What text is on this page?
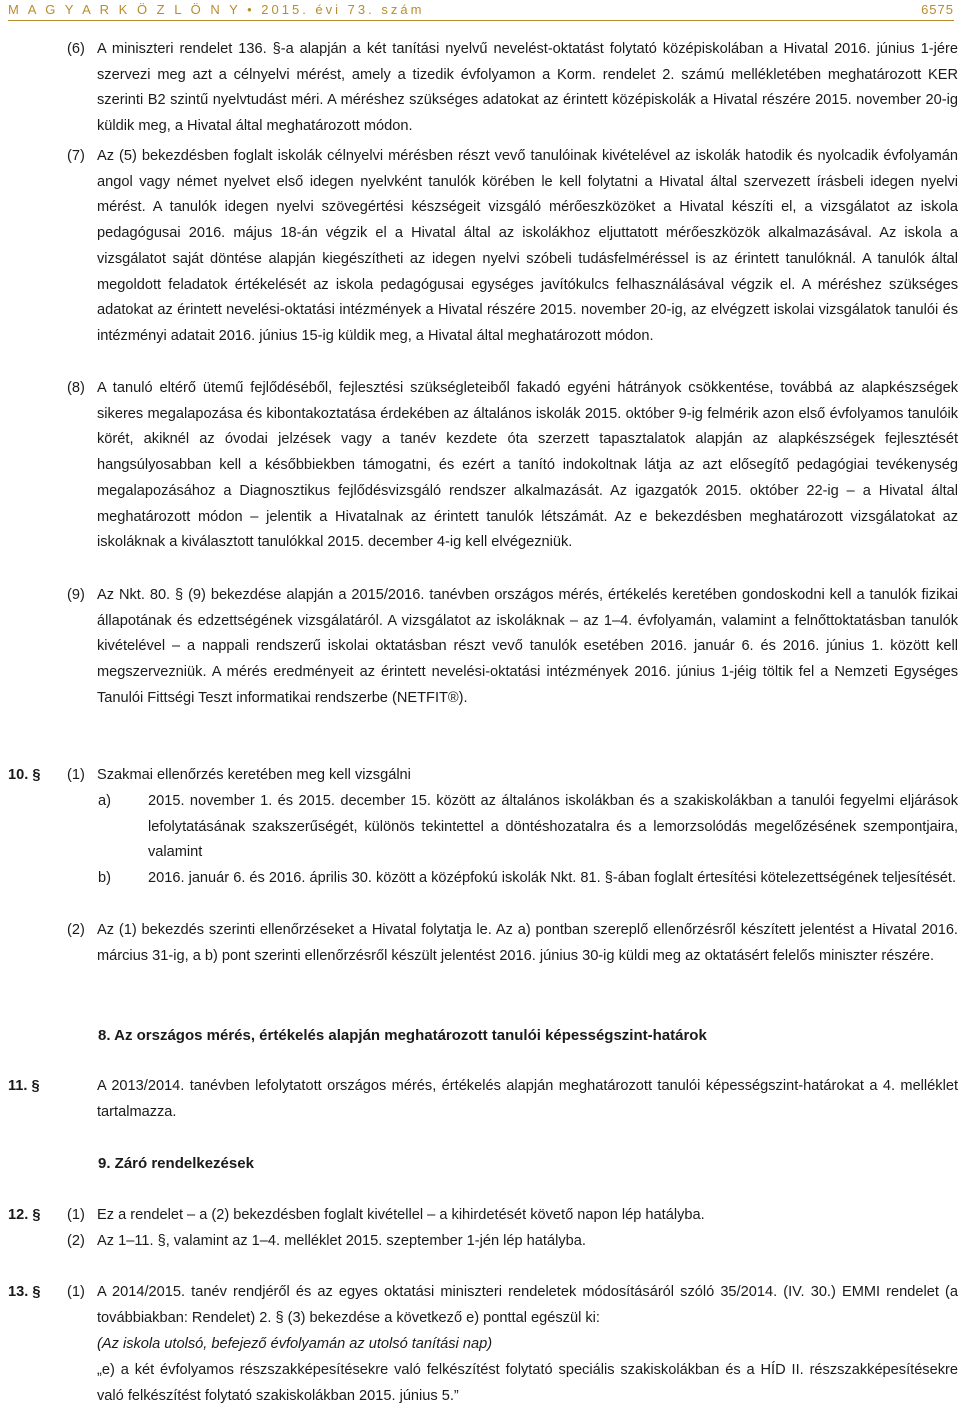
M A G Y A R K Ö Z L Ö N Y • 2015. évi 73. szám	6575
(6) A miniszteri rendelet 136. §-a alapján a két tanítási nyelvű nevelést-oktatást folytató középiskolában a Hivatal 2016. június 1-jére szervezi meg azt a célnyelvi mérést, amely a tizedik évfolyamon a Korm. rendelet 2. számú mellékletében meghatározott KER szerinti B2 szintű nyelvtudást méri. A méréshez szükséges adatokat az érintett középiskolák a Hivatal részére 2015. november 20-ig küldik meg, a Hivatal által meghatározott módon.
(7) Az (5) bekezdésben foglalt iskolák célnyelvi mérésben részt vevő tanulóinak kivételével az iskolák hatodik és nyolcadik évfolyamán angol vagy német nyelvet első idegen nyelvként tanulók körében le kell folytatni a Hivatal által szervezett írásbeli idegen nyelvi mérést. A tanulók idegen nyelvi szövegértési készségeit vizsgáló mérőeszközöket a Hivatal készíti el, a vizsgálatot az iskola pedagógusai 2016. május 18-án végzik el a Hivatal által az iskolákhoz eljuttatott mérőeszközök alkalmazásával. Az iskola a vizsgálatot saját döntése alapján kiegészítheti az idegen nyelvi szóbeli tudásfelméréssel is az érintett tanulóknál. A tanulók által megoldott feladatok értékelését az iskola pedagógusai egységes javítókulcs felhasználásával végzik el. A méréshez szükséges adatokat az érintett nevelési-oktatási intézmények a Hivatal részére 2015. november 20-ig, az elvégzett iskolai vizsgálatok tanulói és intézményi adatait 2016. június 15-ig küldik meg, a Hivatal által meghatározott módon.
(8) A tanuló eltérő ütemű fejlődéséből, fejlesztési szükségleteiből fakadó egyéni hátrányok csökkentése, továbbá az alapkészségek sikeres megalapozása és kibontakoztatása érdekében az általános iskolák 2015. október 9-ig felmérik azon első évfolyamos tanulóik körét, akiknél az óvodai jelzések vagy a tanév kezdete óta szerzett tapasztalatok alapján az alapkészségek fejlesztését hangsúlyosabban kell a későbbiekben támogatni, és ezért a tanító indokoltnak látja az azt elősegítő pedagógiai tevékenység megalapozásához a Diagnosztikus fejlődésvizsgáló rendszer alkalmazását. Az igazgatók 2015. október 22-ig – a Hivatal által meghatározott módon – jelentik a Hivatalnak az érintett tanulók létszámát. Az e bekezdésben meghatározott vizsgálatokat az iskoláknak a kiválasztott tanulókkal 2015. december 4-ig kell elvégezniük.
(9) Az Nkt. 80. § (9) bekezdése alapján a 2015/2016. tanévben országos mérés, értékelés keretében gondoskodni kell a tanulók fizikai állapotának és edzettségének vizsgálatáról. A vizsgálatot az iskoláknak – az 1–4. évfolyamán, valamint a felnőttoktatásban tanulók kivételével – a nappali rendszerű iskolai oktatásban részt vevő tanulók esetében 2016. január 6. és 2016. június 1. között kell megszervezniük. A mérés eredményeit az érintett nevelési-oktatási intézmények 2016. június 1-jéig töltik fel a Nemzeti Egységes Tanulói Fittségi Teszt informatikai rendszerbe (NETFIT®).
10. § (1) Szakmai ellenőrzés keretében meg kell vizsgálni
a)	2015. november 1. és 2015. december 15. között az általános iskolákban és a szakiskolákban a tanulói fegyelmi eljárások lefolytatásának szakszerűségét, különös tekintettel a döntéshozatalra és a lemorzsolódás megelőzésének szempontjaira, valamint
b)	2016. január 6. és 2016. április 30. között a középfokú iskolák Nkt. 81. §-ában foglalt értesítési kötelezettségének teljesítését.
(2) Az (1) bekezdés szerinti ellenőrzéseket a Hivatal folytatja le. Az a) pontban szereplő ellenőrzésről készített jelentést a Hivatal 2016. március 31-ig, a b) pont szerinti ellenőrzésről készült jelentést 2016. június 30-ig küldi meg az oktatásért felelős miniszter részére.
8. Az országos mérés, értékelés alapján meghatározott tanulói képességszint-határok
11. §	A 2013/2014. tanévben lefolytatott országos mérés, értékelés alapján meghatározott tanulói képességszint-határokat a 4. melléklet tartalmazza.
9. Záró rendelkezések
12. § (1) Ez a rendelet – a (2) bekezdésben foglalt kivétellel – a kihirdetését követő napon lép hatályba.
(2) Az 1–11. §, valamint az 1–4. melléklet 2015. szeptember 1-jén lép hatályba.
13. § (1) A 2014/2015. tanév rendjéről és az egyes oktatási miniszteri rendeletek módosításáról szóló 35/2014. (IV. 30.) EMMI rendelet (a továbbiakban: Rendelet) 2. § (3) bekezdése a következő e) ponttal egészül ki:
(Az iskola utolsó, befejező évfolyamán az utolsó tanítási nap)
„e) a két évfolyamos részszakképesítésekre való felkészítést folytató speciális szakiskolákban és a HÍD II. részszakképesítésekre való felkészítést folytató szakiskolákban 2015. június 5.”
